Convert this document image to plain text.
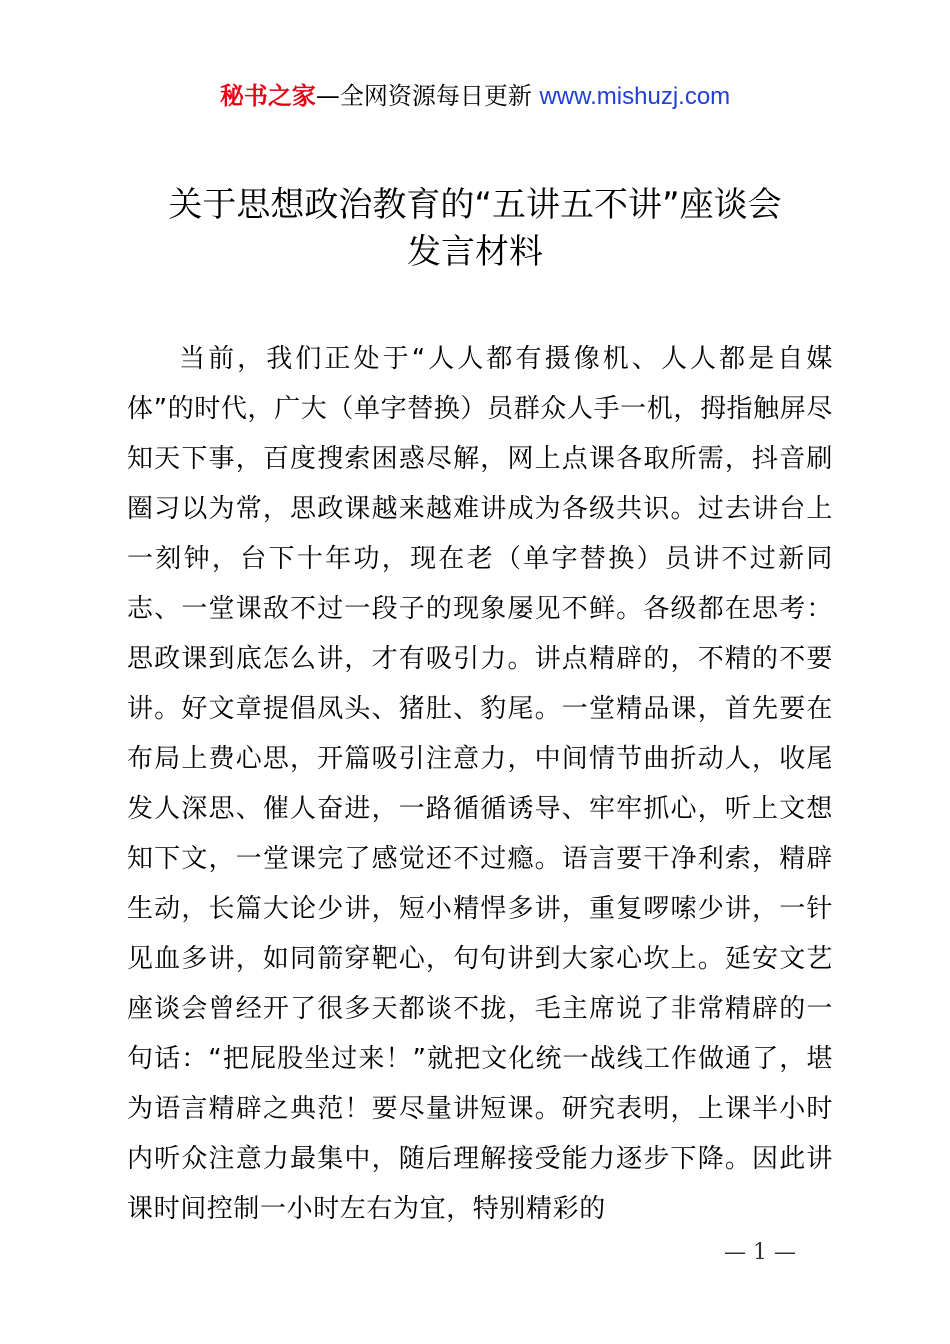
秘书之家—全网资源每日更新 www.mishuzj.com
关于思想政治教育的“五讲五不讲”座谈会
发言材料

当前，我们正处于“人人都有摄像机、人人都是自媒体”的时代，广大（单字替换）员群众人手一机，拇指触屏尽知天下事，百度搜索困惑尽解，网上点课各取所需，抖音刷圈习以为常，思政课越来越难讲成为各级共识。过去讲台上一刻钟，台下十年功，现在老（单字替换）员讲不过新同志、一堂课敌不过一段子的现象屡见不鲜。各级都在思考：思政课到底怎么讲，才有吸引力。讲点精辟的，不精的不要讲。好文章提倡凤头、猪肚、豹尾。一堂精品课，首先要在布局上费心思，开篇吸引注意力，中间情节曲折动人，收尾发人深思、催人奋进，一路循循诱导、牢牢抓心，听上文想知下文，一堂课完了感觉还不过瘾。语言要干净利索，精辟生动，长篇大论少讲，短小精悍多讲，重复啰嗦少讲，一针见血多讲，如同箭穿靶心，句句讲到大家心坎上。延安文艺座谈会曾经开了很多天都谈不拢，毛主席说了非常精辟的一句话：“把屁股坐过来！”就把文化统一战线工作做通了，堪为语言精辟之典范！要尽量讲短课。研究表明，上课半小时内听众注意力最集中，随后理解接受能力逐步下降。因此讲课时间控制一小时左右为宜，特别精彩的

— 1 —
